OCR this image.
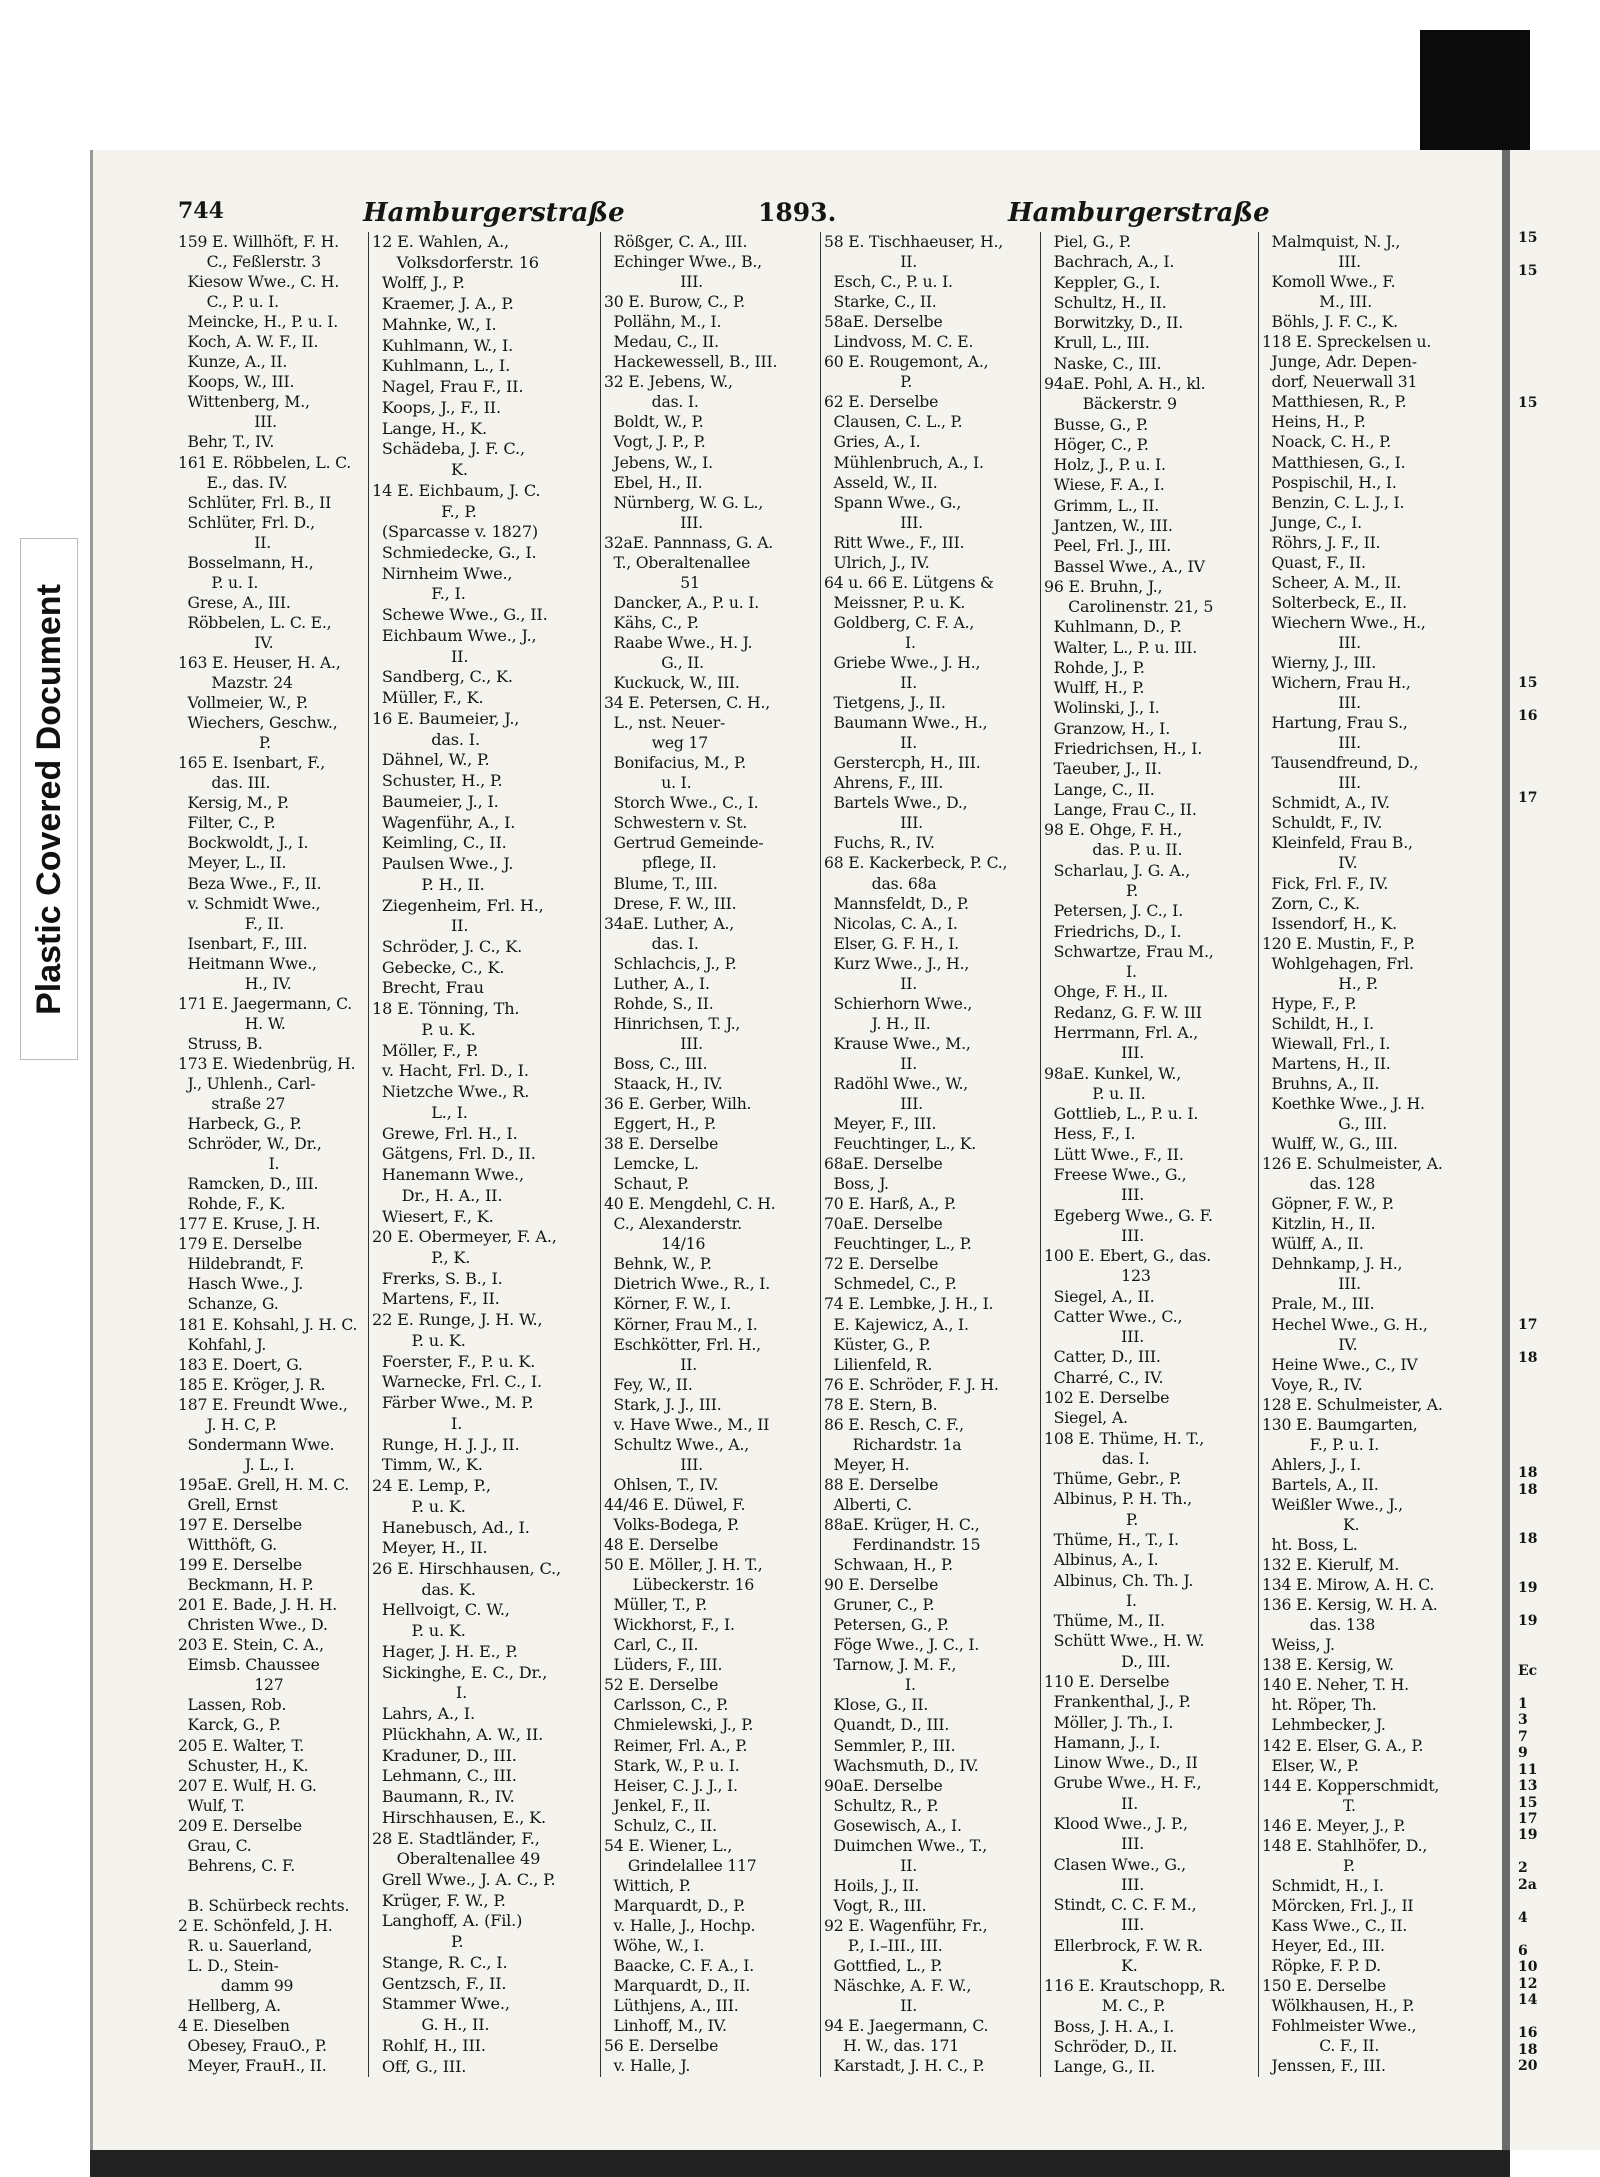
Plastic Covered Document
744	Hamburgerstraße	1893.	Hamburgerstraße
159 E. Willhöft, F. H.
C., Feßlerstr. 3
Kiesow Wwe., C. H.
C., P. u. I.
Meincke, H., P. u. I.
Koch, A. W. F., II.
Kunze, A., II.
Koops, W., III.
Wittenberg, M.,
III.
Behr, T., IV.
161 E. Röbbelen, L. C.
E., das. IV.
Schlüter, Frl. B., II
Schlüter, Frl. D.,
II.
Bosselmann, H.,
P. u. I.
Grese, A., III.
Röbbelen, L. C. E.,
IV.
163 E. Heuser, H. A.,
Mazstr. 24
Vollmeier, W., P.
Wiechers, Geschw.,
P.
165 E. Isenbart, F.,
das. III.
Kersig, M., P.
Filter, C., P.
Bockwoldt, J., I.
Meyer, L., II.
Beza Wwe., F., II.
v. Schmidt Wwe.,
F., II.
Isenbart, F., III.
Heitmann Wwe.,
H., IV.
171 E. Jaegermann, C.
H. W.
Struss, B.
173 E. Wiedenbrüg, H.
J., Uhlenh., Carl-
straße 27
Harbeck, G., P.
Schröder, W., Dr.,
I.
Ramcken, D., III.
Rohde, F., K.
177 E. Kruse, J. H.
179 E. Derselbe
Hildebrandt, F.
Hasch Wwe., J.
Schanze, G.
181 E. Kohsahl, J. H. C.
Kohfahl, J.
183 E. Doert, G.
185 E. Kröger, J. R.
187 E. Freundt Wwe.,
J. H. C, P.
Sondermann Wwe.
J. L., I.
195aE. Grell, H. M. C.
Grell, Ernst
197 E. Derselbe
Witthöft, G.
199 E. Derselbe
Beckmann, H. P.
201 E. Bade, J. H. H.
Christen Wwe., D.
203 E. Stein, C. A.,
Eimsb. Chaussee
127
Lassen, Rob.
Karck, G., P.
205 E. Walter, T.
Schuster, H., K.
207 E. Wulf, H. G.
Wulf, T.
209 E. Derselbe
Grau, C.
Behrens, C. F.

B. Schürbeck rechts.
2 E. Schönfeld, J. H.
R. u. Sauerland,
L. D., Stein-
damm 99
Hellberg, A.
4 E. Dieselben
Obesey, FrauO., P.
Meyer, FrauH., II.
12 E. Wahlen, A.,
Volksdorferstr. 16
Wolff, J., P.
Kraemer, J. A., P.
Mahnke, W., I.
Kuhlmann, W., I.
Kuhlmann, L., I.
Nagel, Frau F., II.
Koops, J., F., II.
Lange, H., K.
Schädeba, J. F. C.,
K.
14 E. Eichbaum, J. C.
F., P.
(Sparcasse v. 1827)
Schmiedecke, G., I.
Nirnheim Wwe.,
F., I.
Schewe Wwe., G., II.
Eichbaum Wwe., J.,
II.
Sandberg, C., K.
Müller, F., K.
16 E. Baumeier, J.,
das. I.
Dähnel, W., P.
Schuster, H., P.
Baumeier, J., I.
Wagenführ, A., I.
Keimling, C., II.
Paulsen Wwe., J.
P. H., II.
Ziegenheim, Frl. H.,
II.
Schröder, J. C., K.
Gebecke, C., K.
Brecht, Frau
18 E. Tönning, Th.
P. u. K.
Möller, F., P.
v. Hacht, Frl. D., I.
Nietzche Wwe., R.
L., I.
Grewe, Frl. H., I.
Gätgens, Frl. D., II.
Hanemann Wwe.,
Dr., H. A., II.
Wiesert, F., K.
20 E. Obermeyer, F. A.,
P., K.
Frerks, S. B., I.
Martens, F., II.
22 E. Runge, J. H. W.,
P. u. K.
Foerster, F., P. u. K.
Warnecke, Frl. C., I.
Färber Wwe., M. P.
I.
Runge, H. J. J., II.
Timm, W., K.
24 E. Lemp, P.,
P. u. K.
Hanebusch, Ad., I.
Meyer, H., II.
26 E. Hirschhausen, C.,
das. K.
Hellvoigt, C. W.,
P. u. K.
Hager, J. H. E., P.
Sickinghe, E. C., Dr.,
I.
Lahrs, A., I.
Plückhahn, A. W., II.
Kraduner, D., III.
Lehmann, C., III.
Baumann, R., IV.
Hirschhausen, E., K.
28 E. Stadtländer, F.,
Oberaltenallee 49
Grell Wwe., J. A. C., P.
Krüger, F. W., P.
Langhoff, A. (Fil.)
P.
Stange, R. C., I.
Gentzsch, F., II.
Stammer Wwe.,
G. H., II.
Rohlf, H., III.
Off, G., III.
Rößger, C. A., III.
Echinger Wwe., B.,
III.
30 E. Burow, C., P.
Pollähn, M., I.
Medau, C., II.
Hackewessell, B., III.
32 E. Jebens, W.,
das. I.
Boldt, W., P.
Vogt, J. P., P.
Jebens, W., I.
Ebel, H., II.
Nürnberg, W. G. L.,
III.
32aE. Pannnass, G. A.
T., Oberaltenallee
51
Dancker, A., P. u. I.
Kähs, C., P.
Raabe Wwe., H. J.
G., II.
Kuckuck, W., III.
34 E. Petersen, C. H.,
L., nst. Neuer-
weg 17
Bonifacius, M., P.
u. I.
Storch Wwe., C., I.
Schwestern v. St.
Gertrud Gemeinde-
pflege, II.
Blume, T., III.
Drese, F. W., III.
34aE. Luther, A.,
das. I.
Schlachcis, J., P.
Luther, A., I.
Rohde, S., II.
Hinrichsen, T. J.,
III.
Boss, C., III.
Staack, H., IV.
36 E. Gerber, Wilh.
Eggert, H., P.
38 E. Derselbe
Lemcke, L.
Schaut, P.
40 E. Mengdehl, C. H.
C., Alexanderstr.
14/16
Behnk, W., P.
Dietrich Wwe., R., I.
Körner, F. W., I.
Körner, Frau M., I.
Eschkötter, Frl. H.,
II.
Fey, W., II.
Stark, J. J., III.
v. Have Wwe., M., II
Schultz Wwe., A.,
III.
Ohlsen, T., IV.
44/46 E. Düwel, F.
Volks-Bodega, P.
48 E. Derselbe
50 E. Möller, J. H. T.,
Lübeckerstr. 16
Müller, T., P.
Wickhorst, F., I.
Carl, C., II.
Lüders, F., III.
52 E. Derselbe
Carlsson, C., P.
Chmielewski, J., P.
Reimer, Frl. A., P.
Stark, W., P. u. I.
Heiser, C. J. J., I.
Jenkel, F., II.
Schulz, C., II.
54 E. Wiener, L.,
Grindelallee 117
Wittich, P.
Marquardt, D., P.
v. Halle, J., Hochp.
Wöhe, W., I.
Baacke, C. F. A., I.
Marquardt, D., II.
Lüthjens, A., III.
Linhoff, M., IV.
56 E. Derselbe
v. Halle, J.
58 E. Tischhaeuser, H.,
II.
Esch, C., P. u. I.
Starke, C., II.
58aE. Derselbe
Lindvoss, M. C. E.
60 E. Rougemont, A.,
P.
62 E. Derselbe
Clausen, C. L., P.
Gries, A., I.
Mühlenbruch, A., I.
Asseld, W., II.
Spann Wwe., G.,
III.
Ritt Wwe., F., III.
Ulrich, J., IV.
64 u. 66 E. Lütgens &
Meissner, P. u. K.
Goldberg, C. F. A.,
I.
Griebe Wwe., J. H.,
II.
Tietgens, J., II.
Baumann Wwe., H.,
II.
Gerstercph, H., III.
Ahrens, F., III.
Bartels Wwe., D.,
III.
Fuchs, R., IV.
68 E. Kackerbeck, P. C.,
das. 68a
Mannsfeldt, D., P.
Nicolas, C. A., I.
Elser, G. F. H., I.
Kurz Wwe., J., H.,
II.
Schierhorn Wwe.,
J. H., II.
Krause Wwe., M.,
II.
Radöhl Wwe., W.,
III.
Meyer, F., III.
Feuchtinger, L., K.
68aE. Derselbe
Boss, J.
70 E. Harß, A., P.
70aE. Derselbe
Feuchtinger, L., P.
72 E. Derselbe
Schmedel, C., P.
74 E. Lembke, J. H., I.
E. Kajewicz, A., I.
Küster, G., P.
Lilienfeld, R.
76 E. Schröder, F. J. H.
78 E. Stern, B.
86 E. Resch, C. F.,
Richardstr. 1a
Meyer, H.
88 E. Derselbe
Alberti, C.
88aE. Krüger, H. C.,
Ferdinandstr. 15
Schwaan, H., P.
90 E. Derselbe
Gruner, C., P.
Petersen, G., P.
Föge Wwe., J. C., I.
Tarnow, J. M. F.,
I.
Klose, G., II.
Quandt, D., III.
Semmler, P., III.
Wachsmuth, D., IV.
90aE. Derselbe
Schultz, R., P.
Gosewisch, A., I.
Duimchen Wwe., T.,
II.
Hoils, J., II.
Vogt, R., III.
92 E. Wagenführ, Fr.,
P., I.–III., III.
Gottfied, L., P.
Näschke, A. F. W.,
II.
94 E. Jaegermann, C.
H. W., das. 171
Karstadt, J. H. C., P.
Piel, G., P.
Bachrach, A., I.
Keppler, G., I.
Schultz, H., II.
Borwitzky, D., II.
Krull, L., III.
Naske, C., III.
94aE. Pohl, A. H., kl.
Bäckerstr. 9
Busse, G., P.
Höger, C., P.
Holz, J., P. u. I.
Wiese, F. A., I.
Grimm, L., II.
Jantzen, W., III.
Peel, Frl. J., III.
Bassel Wwe., A., IV
96 E. Bruhn, J.,
Carolinenstr. 21, 5
Kuhlmann, D., P.
Walter, L., P. u. III.
Rohde, J., P.
Wulff, H., P.
Wolinski, J., I.
Granzow, H., I.
Friedrichsen, H., I.
Taeuber, J., II.
Lange, C., II.
Lange, Frau C., II.
98 E. Ohge, F. H.,
das. P. u. II.
Scharlau, J. G. A.,
P.
Petersen, J. C., I.
Friedrichs, D., I.
Schwartze, Frau M.,
I.
Ohge, F. H., II.
Redanz, G. F. W. III
Herrmann, Frl. A.,
III.
98aE. Kunkel, W.,
P. u. II.
Gottlieb, L., P. u. I.
Hess, F., I.
Lütt Wwe., F., II.
Freese Wwe., G.,
III.
Egeberg Wwe., G. F.
III.
100 E. Ebert, G., das.
123
Siegel, A., II.
Catter Wwe., C.,
III.
Catter, D., III.
Charré, C., IV.
102 E. Derselbe
Siegel, A.
108 E. Thüme, H. T.,
das. I.
Thüme, Gebr., P.
Albinus, P. H. Th.,
P.
Thüme, H., T., I.
Albinus, A., I.
Albinus, Ch. Th. J.
I.
Thüme, M., II.
Schütt Wwe., H. W.
D., III.
110 E. Derselbe
Frankenthal, J., P.
Möller, J. Th., I.
Hamann, J., I.
Linow Wwe., D., II
Grube Wwe., H. F.,
II.
Klood Wwe., J. P.,
III.
Clasen Wwe., G.,
III.
Stindt, C. C. F. M.,
III.
Ellerbrock, F. W. R.
K.
116 E. Krautschopp, R.
M. C., P.
Boss, J. H. A., I.
Schröder, D., II.
Lange, G., II.
Malmquist, N. J.,
III.
Komoll Wwe., F.
M., III.
Böhls, J. F. C., K.
118 E. Spreckelsen u.
Junge, Adr. Depen-
dorf, Neuerwall 31
Matthiesen, R., P.
Heins, H., P.
Noack, C. H., P.
Matthiesen, G., I.
Pospischil, H., I.
Benzin, C. L. J., I.
Junge, C., I.
Röhrs, J. F., II.
Quast, F., II.
Scheer, A. M., II.
Solterbeck, E., II.
Wiechern Wwe., H.,
III.
Wierny, J., III.
Wichern, Frau H.,
III.
Hartung, Frau S.,
III.
Tausendfreund, D.,
III.
Schmidt, A., IV.
Schuldt, F., IV.
Kleinfeld, Frau B.,
IV.
Fick, Frl. F., IV.
Zorn, C., K.
Issendorf, H., K.
120 E. Mustin, F., P.
Wohlgehagen, Frl.
H., P.
Hype, F., P.
Schildt, H., I.
Wiewall, Frl., I.
Martens, H., II.
Bruhns, A., II.
Koethke Wwe., J. H.
G., III.
Wulff, W., G., III.
126 E. Schulmeister, A.
das. 128
Göpner, F. W., P.
Kitzlin, H., II.
Wülff, A., II.
Dehnkamp, J. H.,
III.
Prale, M., III.
Hechel Wwe., G. H.,
IV.
Heine Wwe., C., IV
Voye, R., IV.
128 E. Schulmeister, A.
130 E. Baumgarten,
F., P. u. I.
Ahlers, J., I.
Bartels, A., II.
Weißler Wwe., J.,
K.
ht. Boss, L.
132 E. Kierulf, M.
134 E. Mirow, A. H. C.
136 E. Kersig, W. H. A.
das. 138
Weiss, J.
138 E. Kersig, W.
140 E. Neher, T. H.
ht. Röper, Th.
Lehmbecker, J.
142 E. Elser, G. A., P.
Elser, W., P.
144 E. Kopperschmidt,
T.
146 E. Meyer, J., P.
148 E. Stahlhöfer, D.,
P.
Schmidt, H., I.
Mörcken, Frl. J., II
Kass Wwe., C., II.
Heyer, Ed., III.
Röpke, F. P. D.
150 E. Derselbe
Wölkhausen, H., P.
Fohlmeister Wwe.,
C. F., II.
Jenssen, F., III.
15

15

15

15

16

17

17

18

18
18

18

19

19

Ec

1
3
7
9
11
13
15
17
19

2
2a

4

6
10
12
14

16
18
20
